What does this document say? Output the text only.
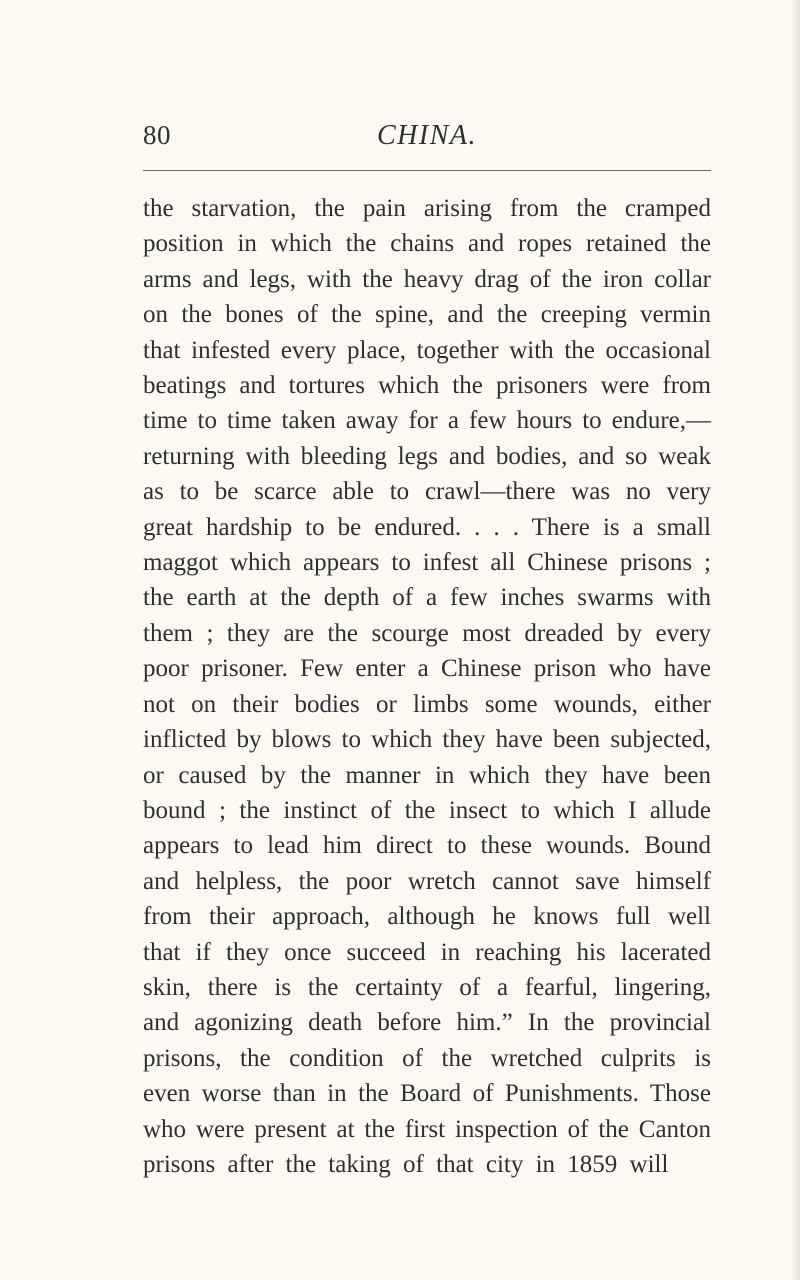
80	CHINA.
the starvation, the pain arising from the cramped
position in which the chains and ropes retained the
arms and legs, with the heavy drag of the iron collar
on the bones of the spine, and the creeping vermin
that infested every place, together with the occasional
beatings and tortures which the prisoners were from
time to time taken away for a few hours to endure,—
returning with bleeding legs and bodies, and so weak
as to be scarce able to crawl—there was no very
great hardship to be endured. . . . There is a small
maggot which appears to infest all Chinese prisons ;
the earth at the depth of a few inches swarms with
them ; they are the scourge most dreaded by every
poor prisoner. Few enter a Chinese prison who have
not on their bodies or limbs some wounds, either
inflicted by blows to which they have been subjected,
or caused by the manner in which they have been
bound ; the instinct of the insect to which I allude
appears to lead him direct to these wounds. Bound
and helpless, the poor wretch cannot save himself
from their approach, although he knows full well
that if they once succeed in reaching his lacerated
skin, there is the certainty of a fearful, lingering,
and agonizing death before him.” In the provincial
prisons, the condition of the wretched culprits is
even worse than in the Board of Punishments. Those
who were present at the first inspection of the Canton
prisons after the taking of that city in 1859 will
